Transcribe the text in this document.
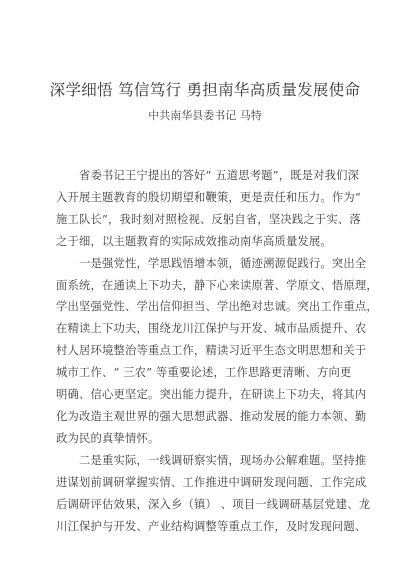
深学细悟 笃信笃行 勇担南华高质量发展使命
中共南华县委书记 马特

省委书记王宁提出的答好“ 五道思考题”，既是对我们深
入开展主题教育的殷切期望和鞭策，更是责任和压力。作为“
施工队长”，我时刻对照检视、反躬自省，坚决践之于实、落
之于细，以主题教育的实际成效推动南华高质量发展。

一是强党性，学思践悟增本领，循迹溯源促践行。突出全
面系统，在通读上下功夫，静下心来读原著、学原文、悟原理，
学出坚强党性、学出信仰担当、学出绝对忠诚。突出工作重点，
在精读上下功夫，围绕龙川江保护与开发、城市品质提升、农
村人居环境整治等重点工作，精读习近平生态文明思想和关于
城市工作、“ 三农” 等重要论述，工作思路更清晰、方向更
明确、信心更坚定。突出能力提升，在研读上下功夫，将其内
化为改造主观世界的强大思想武器、推动发展的能力本领、勤
政为民的真挚情怀。

二是重实际，一线调研察实情，现场办公解难题。坚持推
进谋划前调研掌握实情、工作推进中调研发现问题、工作完成
后调研评估效果，深入乡（镇） 、项目一线调研基层党建、龙
川江保护与开发、产业结构调整等重点工作，及时发现问题、
